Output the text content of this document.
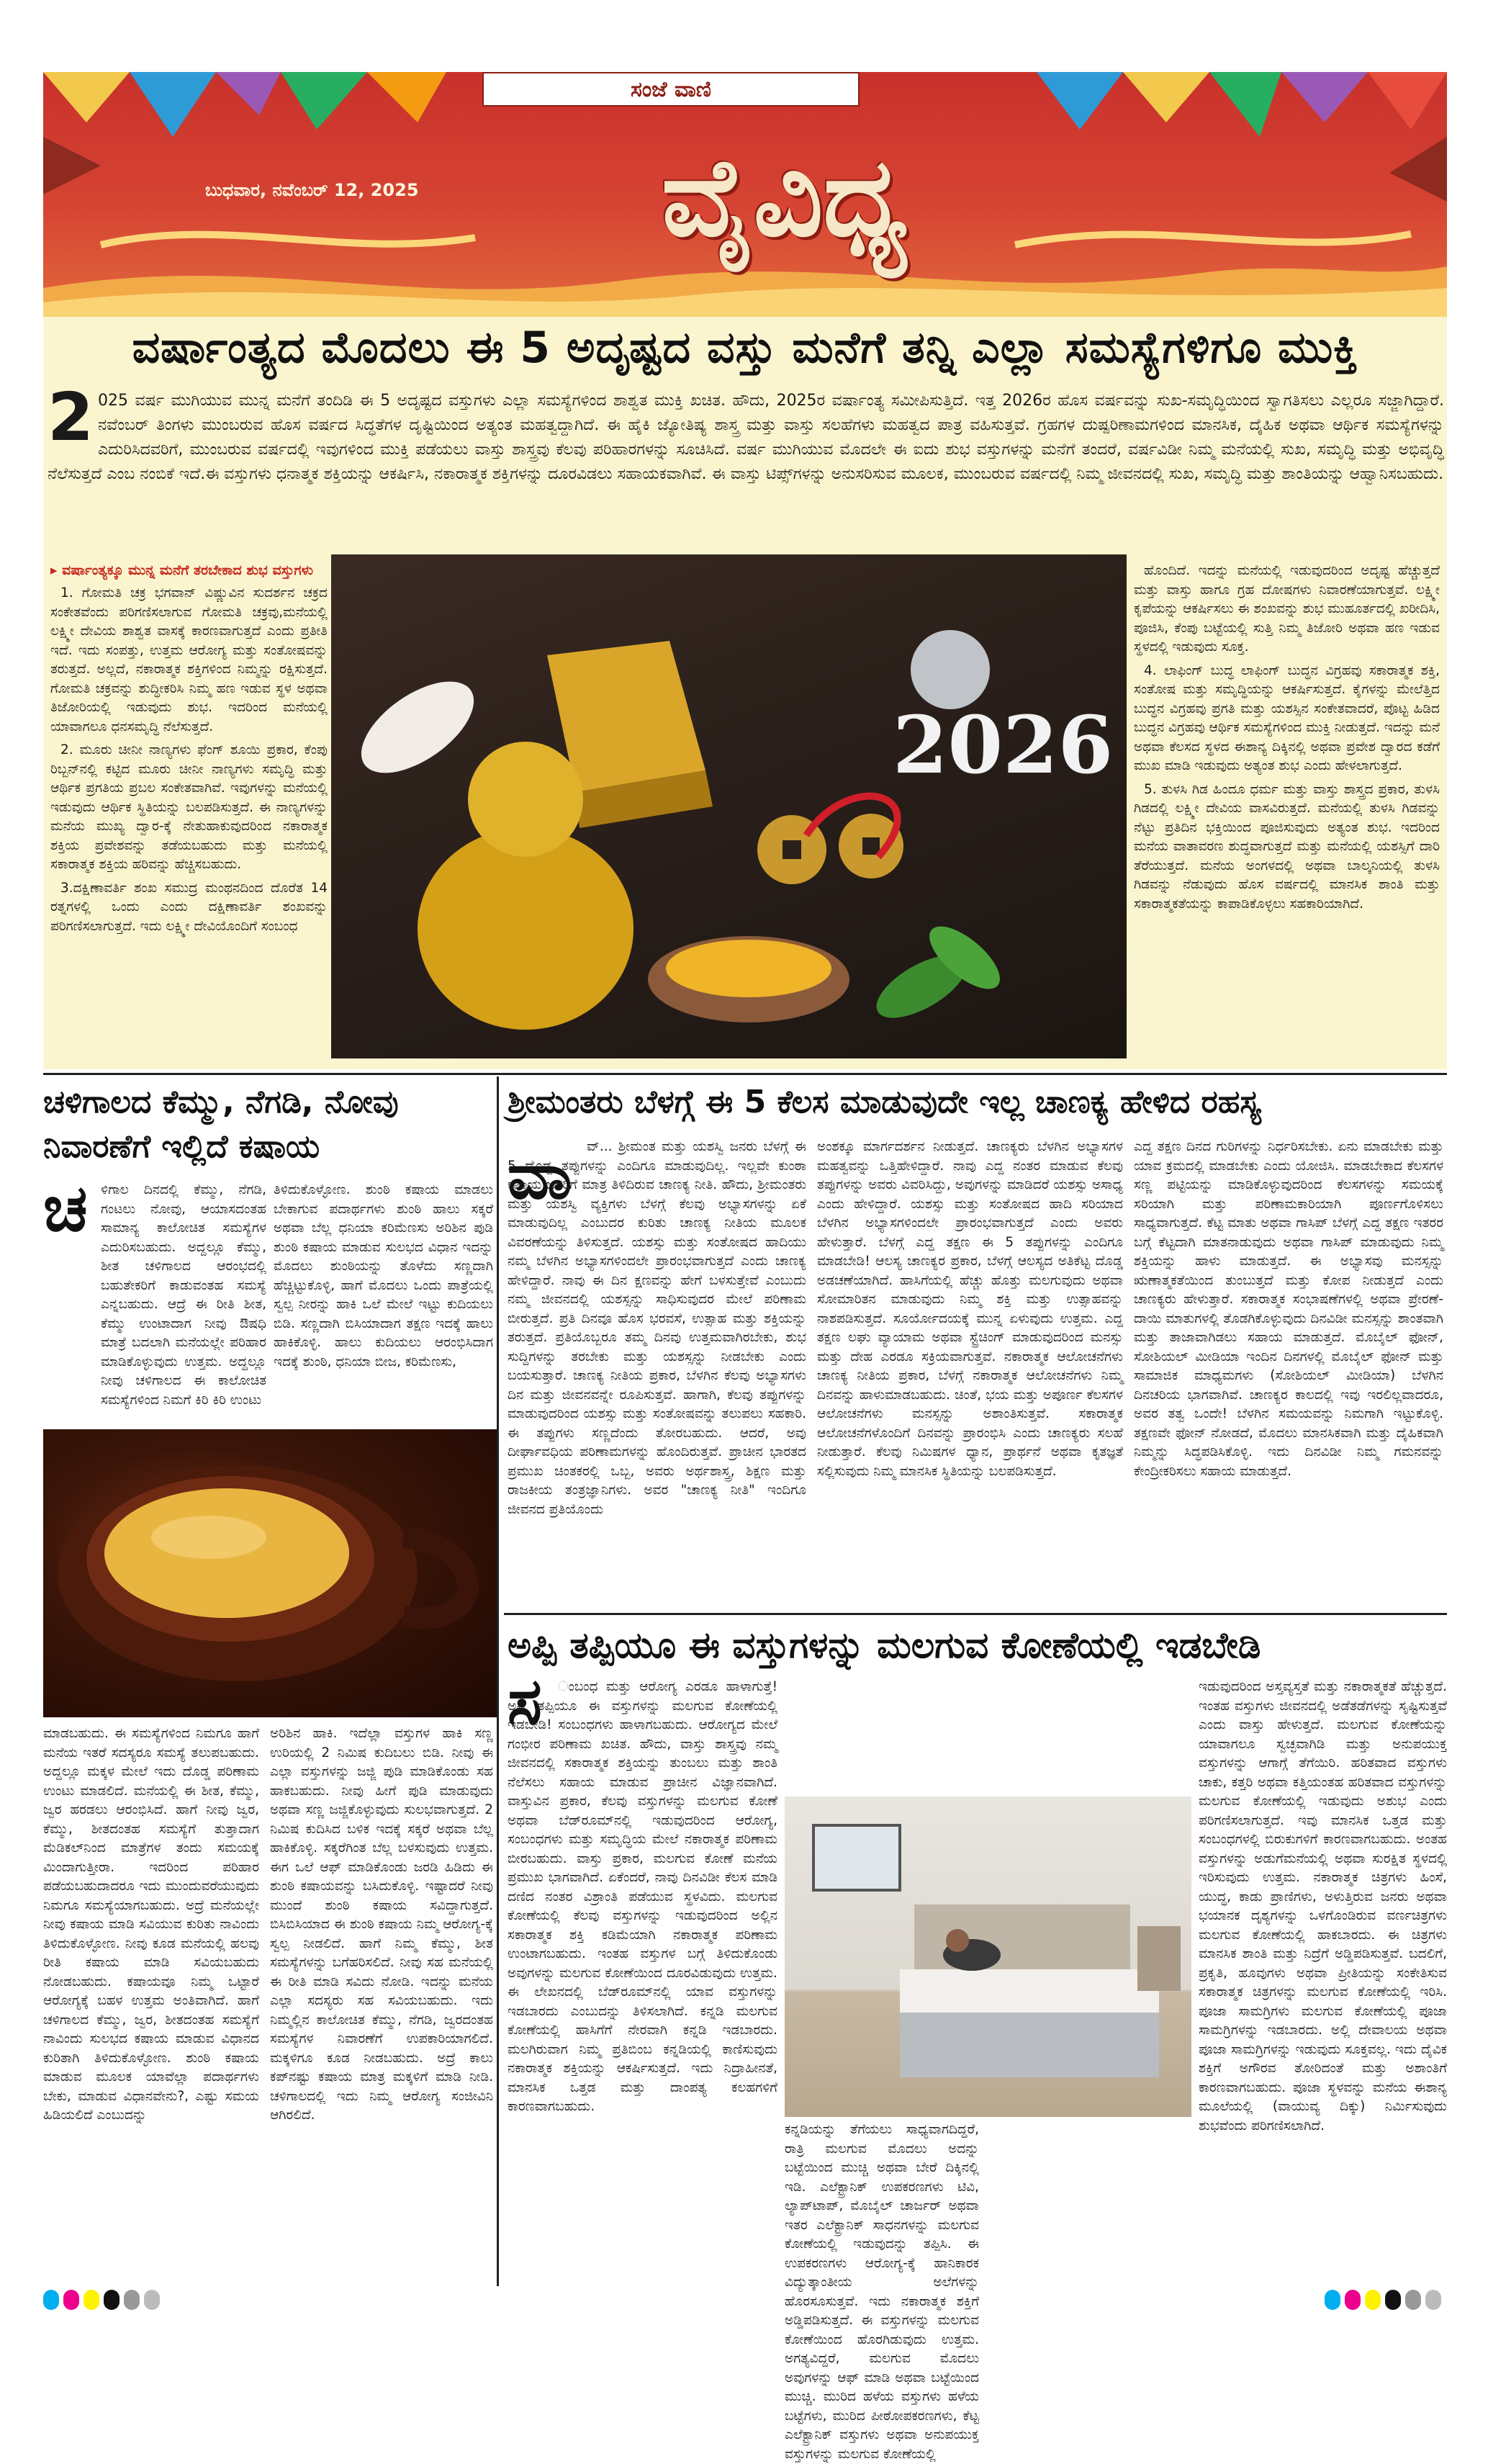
ಸಂಜೆ ವಾಣಿ
ವೈವಿಧ್ಯ
ಬುಧವಾರ, ನವೆಂಬರ್ 12, 2025
ವರ್ಷಾಂತ್ಯದ ಮೊದಲು ಈ 5 ಅದೃಷ್ಟದ ವಸ್ತು ಮನೆಗೆ ತನ್ನಿ ಎಲ್ಲಾ ಸಮಸ್ಯೆಗಳಿಗೂ ಮುಕ್ತಿ
2 025 ವರ್ಷ ಮುಗಿಯುವ ಮುನ್ನ ಮನೆಗೆ ತಂದಿಡಿ ಈ 5 ಅದೃಷ್ಟದ ವಸ್ತುಗಳು ಎಲ್ಲಾ ಸಮಸ್ಯೆಗಳಿಂದ ಶಾಶ್ವತ ಮುಕ್ತಿ ಖಚಿತ. ಹೌದು, 2025ರ ವರ್ಷಾಂತ್ಯ ಸಮೀಪಿಸುತ್ತಿದೆ. ಇತ್ತ 2026ರ ಹೊಸ ವರ್ಷವನ್ನು ಸುಖ-ಸಮೃದ್ಧಿಯಿಂದ ಸ್ವಾಗತಿಸಲು ಎಲ್ಲರೂ ಸಜ್ಜಾಗಿದ್ದಾರೆ. ನವೆಂಬರ್ ತಿಂಗಳು ಮುಂಬರುವ ಹೊಸ ವರ್ಷದ ಸಿದ್ಧತೆಗಳ ದೃಷ್ಟಿಯಿಂದ ಅತ್ಯಂತ ಮಹತ್ವದ್ದಾಗಿದೆ. ಈ ಹೈಕಿ ಜ್ಯೋತಿಷ್ಯ ಶಾಸ್ತ್ರ ಮತ್ತು ವಾಸ್ತು ಸಲಹೆಗಳು ಮಹತ್ವದ ಪಾತ್ರ ವಹಿಸುತ್ತವೆ. ಗ್ರಹಗಳ ದುಷ್ಪರಿಣಾಮಗಳಿಂದ ಮಾನಸಿಕ, ದೈಹಿಕ ಅಥವಾ ಆರ್ಥಿಕ ಸಮಸ್ಯೆಗಳನ್ನು ಎದುರಿಸಿದವರಿಗೆ, ಮುಂಬರುವ ವರ್ಷದಲ್ಲಿ ಇವುಗಳಿಂದ ಮುಕ್ತಿ ಪಡೆಯಲು ವಾಸ್ತು ಶಾಸ್ತ್ರವು ಕೆಲವು ಪರಿಹಾರಗಳನ್ನು ಸೂಚಿಸಿದೆ. ವರ್ಷ ಮುಗಿಯುವ ಮೊದಲೇ ಈ ಐದು ಶುಭ ವಸ್ತುಗಳನ್ನು ಮನೆಗೆ ತಂದರೆ, ವರ್ಷವಿಡೀ ನಿಮ್ಮ ಮನೆಯಲ್ಲಿ ಸುಖ, ಸಮೃದ್ಧಿ ಮತ್ತು ಅಭಿವೃದ್ಧಿ ನೆಲೆಸುತ್ತದೆ ಎಂಬ ನಂಬಿಕೆ ಇದೆ.ಈ ವಸ್ತುಗಳು ಧನಾತ್ಮಕ ಶಕ್ತಿಯನ್ನು ಆಕರ್ಷಿಸಿ, ನಕಾರಾತ್ಮಕ ಶಕ್ತಿಗಳನ್ನು ದೂರವಿಡಲು ಸಹಾಯಕವಾಗಿವೆ. ಈ ವಾಸ್ತು ಟಿಪ್ಸ್‌ಗಳನ್ನು ಅನುಸರಿಸುವ ಮೂಲಕ, ಮುಂಬರುವ ವರ್ಷದಲ್ಲಿ ನಿಮ್ಮ ಜೀವನದಲ್ಲಿ ಸುಖ, ಸಮೃದ್ಧಿ ಮತ್ತು ಶಾಂತಿಯನ್ನು ಆಹ್ವಾನಿಸಬಹುದು.

▸ ವರ್ಷಾಂತ್ಯಕ್ಕೂ ಮುನ್ನ ಮನೆಗೆ ತರಬೇಕಾದ ಶುಭ ವಸ್ತುಗಳು

1. ಗೋಮತಿ ಚಕ್ರ ಭಗವಾನ್ ವಿಷ್ಣುವಿನ ಸುದರ್ಶನ ಚಕ್ರದ ಸಂಕೇತವೆಂದು ಪರಿಗಣಿಸಲಾಗುವ ಗೋಮತಿ ಚಕ್ರವು,ಮನೆಯಲ್ಲಿ ಲಕ್ಷ್ಮೀ ದೇವಿಯ ಶಾಶ್ವತ ವಾಸಕ್ಕೆ ಕಾರಣವಾಗುತ್ತದೆ ಎಂದು ಪ್ರತೀತಿ ಇದೆ. ಇದು ಸಂಪತ್ತು, ಉತ್ತಮ ಆರೋಗ್ಯ ಮತ್ತು ಸಂತೋಷವನ್ನು ತರುತ್ತದೆ. ಅಲ್ಲದೆ, ನಕಾರಾತ್ಮಕ ಶಕ್ತಿಗಳಿಂದ ನಿಮ್ಮನ್ನು ರಕ್ಷಿಸುತ್ತದೆ. ಗೋಮತಿ ಚಕ್ರವನ್ನು ಶುದ್ಧೀಕರಿಸಿ ನಿಮ್ಮ ಹಣ ಇಡುವ ಸ್ಥಳ ಅಥವಾ ತಿಜೋರಿಯಲ್ಲಿ ಇಡುವುದು ಶುಭ. ಇದರಿಂದ ಮನೆಯಲ್ಲಿ ಯಾವಾಗಲೂ ಧನಸಮೃದ್ಧಿ ನೆಲೆಸುತ್ತದೆ.

2. ಮೂರು ಚೀನೀ ನಾಣ್ಯಗಳು ಫೆಂಗ್ ಶೂಯಿ ಪ್ರಕಾರ, ಕೆಂಪು ರಿಬ್ಬನ್‌ನಲ್ಲಿ ಕಟ್ಟಿದ ಮೂರು ಚೀನೀ ನಾಣ್ಯಗಳು ಸಮೃದ್ಧಿ ಮತ್ತು ಆರ್ಥಿಕ ಪ್ರಗತಿಯ ಪ್ರಬಲ ಸಂಕೇತವಾಗಿವೆ. ಇವುಗಳನ್ನು ಮನೆಯಲ್ಲಿ ಇಡುವುದು ಆರ್ಥಿಕ ಸ್ಥಿತಿಯನ್ನು ಬಲಪಡಿಸುತ್ತದೆ. ಈ ನಾಣ್ಯಗಳನ್ನು ಮನೆಯ ಮುಖ್ಯ ದ್ವಾರ-ಕ್ಕೆ ನೇತುಹಾಕುವುದರಿಂದ ನಕಾರಾತ್ಮಕ ಶಕ್ತಿಯ ಪ್ರವೇಶವನ್ನು ತಡೆಯಬಹುದು ಮತ್ತು ಮನೆಯಲ್ಲಿ ಸಕಾರಾತ್ಮಕ ಶಕ್ತಿಯ ಹರಿವನ್ನು ಹೆಚ್ಚಿಸಬಹುದು.

3.ದಕ್ಷಿಣಾವರ್ತಿ ಶಂಖ ಸಮುದ್ರ ಮಂಥನದಿಂದ ದೊರೆತ 14 ರತ್ನಗಳಲ್ಲಿ ಒಂದು ಎಂದು ದಕ್ಷಿಣಾವರ್ತಿ ಶಂಖವನ್ನು ಪರಿಗಣಿಸಲಾಗುತ್ತದೆ. ಇದು ಲಕ್ಷ್ಮೀ ದೇವಿಯೊಂದಿಗೆ ಸಂಬಂಧ

2026

ಹೊಂದಿದೆ. ಇದನ್ನು ಮನೆಯಲ್ಲಿ ಇಡುವುದರಿಂದ ಅದೃಷ್ಟ ಹೆಚ್ಚುತ್ತದೆ ಮತ್ತು ವಾಸ್ತು ಹಾಗೂ ಗ್ರಹ ದೋಷಗಳು ನಿವಾರಣೆಯಾಗುತ್ತವೆ. ಲಕ್ಷ್ಮೀ ಕೃಪೆಯನ್ನು ಆಕರ್ಷಿಸಲು ಈ ಶಂಖವನ್ನು ಶುಭ ಮುಹೂರ್ತದಲ್ಲಿ ಖರೀದಿಸಿ, ಪೂಜಿಸಿ, ಕೆಂಪು ಬಟ್ಟೆಯಲ್ಲಿ ಸುತ್ತಿ ನಿಮ್ಮ ತಿಜೋರಿ ಅಥವಾ ಹಣ ಇಡುವ ಸ್ಥಳದಲ್ಲಿ ಇಡುವುದು ಸೂಕ್ತ.

4. ಲಾಫಿಂಗ್ ಬುದ್ಧ ಲಾಫಿಂಗ್ ಬುದ್ಧನ ವಿಗ್ರಹವು ಸಕಾರಾತ್ಮಕ ಶಕ್ತಿ, ಸಂತೋಷ ಮತ್ತು ಸಮೃದ್ಧಿಯನ್ನು ಆಕರ್ಷಿಸುತ್ತದೆ. ಕೈಗಳನ್ನು ಮೇಲೆತ್ತಿದ ಬುದ್ಧನ ವಿಗ್ರಹವು ಪ್ರಗತಿ ಮತ್ತು ಯಶಸ್ಸಿನ ಸಂಕೇತವಾದರೆ, ಪೊಟ್ಟ ಹಿಡಿದ ಬುದ್ಧನ ವಿಗ್ರಹವು ಆರ್ಥಿಕ ಸಮಸ್ಯೆಗಳಿಂದ ಮುಕ್ತಿ ನೀಡುತ್ತದೆ. ಇದನ್ನು ಮನೆ ಅಥವಾ ಕೆಲಸದ ಸ್ಥಳದ ಈಶಾನ್ಯ ದಿಕ್ಕಿನಲ್ಲಿ ಅಥವಾ ಪ್ರವೇಶ ದ್ವಾರದ ಕಡೆಗೆ ಮುಖ ಮಾಡಿ ಇಡುವುದು ಅತ್ಯಂತ ಶುಭ ಎಂದು ಹೇಳಲಾಗುತ್ತದೆ.

5. ತುಳಸಿ ಗಿಡ ಹಿಂದೂ ಧರ್ಮ ಮತ್ತು ವಾಸ್ತು ಶಾಸ್ತ್ರದ ಪ್ರಕಾರ, ತುಳಸಿ ಗಿಡದಲ್ಲಿ ಲಕ್ಷ್ಮೀ ದೇವಿಯ ವಾಸವಿರುತ್ತದೆ. ಮನೆಯಲ್ಲಿ ತುಳಸಿ ಗಿಡವನ್ನು ನೆಟ್ಟು ಪ್ರತಿದಿನ ಭಕ್ತಿಯಿಂದ ಪೂಜಿಸುವುದು ಅತ್ಯಂತ ಶುಭ. ಇದರಿಂದ ಮನೆಯ ವಾತಾವರಣ ಶುದ್ಧವಾಗುತ್ತದೆ ಮತ್ತು ಮನೆಯಲ್ಲಿ ಯಶಸ್ಸಿಗೆ ದಾರಿ ತೆರೆಯುತ್ತದೆ. ಮನೆಯ ಅಂಗಳದಲ್ಲಿ ಅಥವಾ ಬಾಲ್ಕನಿಯಲ್ಲಿ ತುಳಸಿ ಗಿಡವನ್ನು ನೆಡುವುದು ಹೊಸ ವರ್ಷದಲ್ಲಿ ಮಾನಸಿಕ ಶಾಂತಿ ಮತ್ತು ಸಕಾರಾತ್ಮಕತೆಯನ್ನು ಕಾಪಾಡಿಕೊಳ್ಳಲು ಸಹಕಾರಿಯಾಗಿದೆ.

ಚಳಿಗಾಲದ ಕೆಮ್ಮು, ನೆಗಡಿ, ನೋವು
ನಿವಾರಣೆಗೆ ಇಲ್ಲಿದೆ ಕಷಾಯ
ಚ ಳಿಗಾಲ ದಿನದಲ್ಲಿ ಕೆಮ್ಮು, ನೆಗಡಿ, ಗಂಟಲು ನೋವು, ಆಯಾಸದಂತಹ ಸಾಮಾನ್ಯ ಕಾಲೋಚಿತ ಸಮಸ್ಯೆಗಳ ಎದುರಿಸಬಹುದು. ಅದ್ದಲ್ಲೂ ಕೆಮ್ಮು, ಶೀತ ಚಳಿಗಾಲದ ಆರಂಭದಲ್ಲಿ ಬಹುತೇಕರಿಗೆ ಕಾಡುವಂತಹ ಸಮಸ್ಯೆ ಎನ್ನಬಹುದು. ಆದ್ರೆ ಈ ರೀತಿ ಶೀತ, ಕೆಮ್ಮು ಉಂಟಾದಾಗ ನೀವು ಔಷಧಿ ಮಾತ್ರೆ ಬದಲಾಗಿ ಮನೆಯಲ್ಲೇ ಪರಿಹಾರ ಮಾಡಿಕೊಳ್ಳುವುದು ಉತ್ತಮ. ಅದ್ದಲ್ಲೂ ನೀವು ಚಳಿಗಾಲದ ಈ ಕಾಲೋಚಿತ ಸಮಸ್ಯೆಗಳಿಂದ ನಿಮಗೆ ಕಿರಿ ಕಿರಿ ಉಂಟು
ತಿಳಿದುಕೊಳ್ಳೋಣ. ಶುಂಠಿ ಕಷಾಯ ಮಾಡಲು ಬೇಕಾಗುವ ಪದಾರ್ಥಗಳು ಶುಂಠಿ ಹಾಲು ಸಕ್ಕರೆ ಅಥವಾ ಬೆಲ್ಲ ಧನಿಯಾ ಕರಿಮೆಣಸು ಅರಿಶಿನ ಪುಡಿ ಶುಂಠಿ ಕಷಾಯ ಮಾಡುವ ಸುಲಭದ ವಿಧಾನ ಇದನ್ನು ಮೊದಲು ಶುಂಠಿಯನ್ನು ತೊಳೆದು ಸಣ್ಣದಾಗಿ ಹೆಚ್ಚಿಟ್ಟುಕೊಳ್ಳಿ, ಹಾಗೆ ಮೊದಲು ಒಂದು ಪಾತ್ರೆಯಲ್ಲಿ ಸ್ವಲ್ಪ ನೀರನ್ನು ಹಾಕಿ ಒಲೆ ಮೇಲೆ ಇಟ್ಟು ಕುದಿಯಲು ಬಿಡಿ. ಸಣ್ಣದಾಗಿ ಬಿಸಿಯಾದಾಗ ತಕ್ಷಣ ಇದಕ್ಕೆ ಹಾಲು ಹಾಕಿಕೊಳ್ಳಿ. ಹಾಲು ಕುದಿಯಲು ಆರಂಭಿಸಿದಾಗ ಇದಕ್ಕೆ ಶುಂಠಿ, ಧನಿಯಾ ಬೀಜ, ಕರಿಮೆಣಸು,
ಮಾಡಬಹುದು. ಈ ಸಮಸ್ಯೆಗಳಿಂದ ನಿಮಗೂ ಹಾಗೆ ಮನೆಯ ಇತರೆ ಸದಸ್ಯರೂ ಸಮಸ್ಯೆ ತಲುಪಬಹುದು. ಅದ್ದಲ್ಲೂ ಮಕ್ಕಳ ಮೇಲೆ ಇದು ದೊಡ್ಡ ಪರಿಣಾಮ ಉಂಟು ಮಾಡಲಿದೆ. ಮನೆಯಲ್ಲಿ ಈ ಶೀತ, ಕೆಮ್ಮು, ಜ್ವರ ಹರಡಲು ಆರಂಭಿಸಿದೆ. ಹಾಗೆ ನೀವು ಜ್ವರ, ಕೆಮ್ಮು, ಶೀತದಂತಹ ಸಮಸ್ಯೆಗೆ ತುತ್ತಾದಾಗ ಮೆಡಿಕಲ್‌ನಿಂದ ಮಾತ್ರೆಗಳ ತಂದು ಸಮಯಕ್ಕೆ ಮಿಂದಾಗುತ್ತೀರಾ. ಇದರಿಂದ ಪರಿಹಾರ ಪಡೆಯಬಹುದಾದರೂ ಇದು ಮುಂದುವರೆಯುವುದು ನಿಮಗೂ ಸಮಸ್ಯೆಯಾಗಬಹುದು. ಅದ್ರೆ ಮನೆಯಲ್ಲೇ ನೀವು ಕಷಾಯ ಮಾಡಿ ಸವಿಯುವ ಕುರಿತು ನಾವಿಂದು ತಿಳಿದುಕೊಳ್ಳೋಣ. ನೀವು ಕೂಡ ಮನೆಯಲ್ಲಿ ಹಲವು ರೀತಿ ಕಷಾಯ ಮಾಡಿ ಸವಿಯಬಹುದು ನೋಡಬಹುದು. ಕಷಾಯವೂ ನಿಮ್ಮ ಒಟ್ಟಾರೆ ಆರೋಗ್ಯಕ್ಕೆ ಬಹಳ ಉತ್ತಮ ಅಂತಿವಾಗಿದೆ. ಹಾಗೆ ಚಳಿಗಾಲದ ಕೆಮ್ಮು, ಜ್ವರ, ಶೀತದಂತಹ ಸಮಸ್ಯೆಗೆ ನಾವಿಂದು ಸುಲಭದ ಕಷಾಯ ಮಾಡುವ ವಿಧಾನದ ಕುರಿತಾಗಿ ತಿಳಿದುಕೊಳ್ಳೋಣ. ಶುಂಠಿ ಕಷಾಯ ಮಾಡುವ ಮೂಲಕ ಯಾವೆಲ್ಲಾ ಪದಾರ್ಥಗಳು ಬೇಕು, ಮಾಡುವ ವಿಧಾನವೇನು?, ಎಷ್ಟು ಸಮಯ ಹಿಡಿಯಲಿದೆ ಎಂಬುದನ್ನು
ಅರಿಶಿನ ಹಾಕಿ. ಇದೆಲ್ಲಾ ವಸ್ತುಗಳ ಹಾಕಿ ಸಣ್ಣ ಉರಿಯಲ್ಲಿ 2 ನಿಮಿಷ ಕುದಿಬಲು ಬಿಡಿ. ನೀವು ಈ ಎಲ್ಲಾ ವಸ್ತುಗಳನ್ನು ಜಜ್ಜಿ ಪುಡಿ ಮಾಡಿಕೊಂಡು ಸಹ ಹಾಕಬಹುದು. ನೀವು ಹೀಗೆ ಪುಡಿ ಮಾಡುವುದು ಅಥವಾ ಸಣ್ಣ ಜಜ್ಜಿಕೊಳ್ಳುವುದು ಸುಲಭವಾಗುತ್ತದೆ. 2 ನಿಮಿಷ ಕುದಿಸಿದ ಬಳಿಕ ಇದಕ್ಕೆ ಸಕ್ಕರೆ ಅಥವಾ ಬೆಲ್ಲ ಹಾಕಿಕೊಳ್ಳಿ. ಸಕ್ಕರೆಗಿಂತ ಬೆಲ್ಲ ಬಳಸುವುದು ಉತ್ತಮ. ಈಗ ಒಲೆ ಆಫ್ ಮಾಡಿಕೊಂಡು ಜರಡಿ ಹಿಡಿದು ಈ ಶುಂಠಿ ಕಷಾಯವನ್ನು ಬಸಿದುಕೊಳ್ಳಿ. ಇಷ್ಟಾದರೆ ನೀವು ಮುಂದೆ ಶುಂಠಿ ಕಷಾಯ ಸವಿದ್ದಾಗುತ್ತದೆ. ಬಿಸಿಬಿಸಿಯಾದ ಈ ಶುಂಠಿ ಕಷಾಯ ನಿಮ್ಮ ಆರೋಗ್ಯ-ಕ್ಕೆ ಸ್ವಲ್ಪ ನೀಡಲಿದೆ. ಹಾಗೆ ನಿಮ್ಮ ಕೆಮ್ಮು, ಶೀತ ಸಮಸ್ಯೆಗಳನ್ನು ಬಗೆಹರಿಸಲಿದೆ. ನೀವು ಸಹ ಮನೆಯಲ್ಲಿ ಈ ರೀತಿ ಮಾಡಿ ಸವಿದು ನೋಡಿ. ಇದನ್ನು ಮನೆಯ ಎಲ್ಲಾ ಸದಸ್ಯರು ಸಹ ಸವಿಯಬಹುದು. ಇದು ನಿಮ್ಮಲ್ಲಿನ ಕಾಲೋಚಿತ ಕೆಮ್ಮು, ನೆಗಡಿ, ಜ್ವರದಂತಹ ಸಮಸ್ಯೆಗಳ ನಿವಾರಣೆಗೆ ಉಪಕಾರಿಯಾಗಲಿದೆ. ಮಕ್ಕಳಿಗೂ ಕೂಡ ನೀಡಬಹುದು. ಅದ್ರೆ ಕಾಲು ಕಪ್‌ನಷ್ಟು ಕಷಾಯ ಮಾತ್ರ ಮಕ್ಕಳಿಗೆ ಮಾಡಿ ನೀಡಿ. ಚಳಿಗಾಲದಲ್ಲಿ ಇದು ನಿಮ್ಮ ಆರೋಗ್ಯ ಸಂಜೀವಿನಿ ಆಗಿರಲಿದೆ.
ಶ್ರೀಮಂತರು ಬೆಳಗ್ಗೆ ಈ 5 ಕೆಲಸ ಮಾಡುವುದೇ ಇಲ್ಲ ಚಾಣಕ್ಯ ಹೇಳಿದ ರಹಸ್ಯ
ವಾ	ವ್... ಶ್ರೀಮಂತ ಮತ್ತು ಯಶಸ್ವಿ ಜನರು ಬೆಳಗ್ಗೆ ಈ 5 ದೊಡ್ಡ ತಪ್ಪುಗಳನ್ನು ಎಂದಿಗೂ ಮಾಡುವುದಿಲ್ಲ. ಇಲ್ಲವೇ ಕುಂಠಾ ಕಷಾಯ ಜನರಿಗೆ ಮಾತ್ರ ತಿಳಿದಿರುವ ಚಾಣಕ್ಯ ನೀತಿ. ಹೌದು, ಶ್ರೀಮಂತರು ಮತ್ತು ಯಶಸ್ವಿ ವ್ಯಕ್ತಿಗಳು ಬೆಳಗ್ಗೆ ಕೆಲವು ಅಭ್ಯಾಸಗಳನ್ನು ಏಕೆ ಮಾಡುವುದಿಲ್ಲ ಎಂಬುದರ ಕುರಿತು ಚಾಣಕ್ಯ ನೀತಿಯ ಮೂಲಕ ವಿವರಣೆಯನ್ನು ತಿಳಿಸುತ್ತದೆ. ಯಶಸ್ಸು ಮತ್ತು ಸಂತೋಷದ ಹಾದಿಯು ನಮ್ಮ ಬೆಳಗಿನ ಅಭ್ಯಾಸಗಳಿಂದಲೇ ಪ್ರಾರಂಭವಾಗುತ್ತದೆ ಎಂದು ಚಾಣಕ್ಯ ಹೇಳಿದ್ದಾರೆ. ನಾವು ಈ ದಿನ ಕ್ಷಣವನ್ನು ಹೇಗೆ ಬಳಸುತ್ತೇವೆ ಎಂಬುದು ನಮ್ಮ ಜೀವನದಲ್ಲಿ ಯಶಸ್ಸನ್ನು ಸಾಧಿಸುವುದರ ಮೇಲೆ ಪರಿಣಾಮ ಬೀರುತ್ತದೆ. ಪ್ರತಿ ದಿನವೂ ಹೊಸ ಭರವಸೆ, ಉತ್ಸಾಹ ಮತ್ತು ಶಕ್ತಿಯನ್ನು ತರುತ್ತದೆ. ಪ್ರತಿಯೊಬ್ಬರೂ ತಮ್ಮ ದಿನವು ಉತ್ತಮವಾಗಿರಬೇಕು, ಶುಭ ಸುದ್ದಿಗಳನ್ನು ತರಬೇಕು ಮತ್ತು ಯಶಸ್ಸನ್ನು ನೀಡಬೇಕು ಎಂದು ಬಯಸುತ್ತಾರೆ. ಚಾಣಕ್ಯ ನೀತಿಯ ಪ್ರಕಾರ, ಬೆಳಗಿನ ಕೆಲವು ಅಭ್ಯಾಸಗಳು ದಿನ ಮತ್ತು ಜೀವನವನ್ನೇ ರೂಪಿಸುತ್ತವೆ. ಹಾಗಾಗಿ, ಕೆಲವು ತಪ್ಪುಗಳನ್ನು ಮಾಡುವುದರಿಂದ ಯಶಸ್ಸು ಮತ್ತು ಸಂತೋಷವನ್ನು ತಲುಪಲು ಸಹಕಾರಿ. ಈ ತಪ್ಪುಗಳು ಸಣ್ಣದೆಂದು ತೋರಬಹುದು. ಆದರೆ, ಅವು ದೀರ್ಘಾವಧಿಯ ಪರಿಣಾಮಗಳನ್ನು ಹೊಂದಿರುತ್ತವೆ. ಪ್ರಾಚೀನ ಭಾರತದ ಪ್ರಮುಖ ಚಿಂತಕರಲ್ಲಿ ಒಬ್ಬ, ಅವರು ಅರ್ಥಶಾಸ್ತ್ರ, ಶಿಕ್ಷಣ ಮತ್ತು ರಾಜಕೀಯ ತಂತ್ರಜ್ಞಾನಿಗಳು. ಅವರ "ಚಾಣಕ್ಯ ನೀತಿ" ಇಂದಿಗೂ ಜೀವನದ ಪ್ರತಿಯೊಂದು
ಅಂಶಕ್ಕೂ ಮಾರ್ಗದರ್ಶನ ನೀಡುತ್ತದೆ. ಚಾಣಕ್ಯರು ಬೆಳಗಿನ ಅಭ್ಯಾಸಗಳ ಮಹತ್ವವನ್ನು ಒತ್ತಿಹೇಳಿದ್ದಾರೆ. ನಾವು ಎದ್ದ ನಂತರ ಮಾಡುವ ಕೆಲವು ತಪ್ಪುಗಳನ್ನು ಅವರು ವಿವರಿಸಿದ್ದು, ಅವುಗಳನ್ನು ಮಾಡಿದರೆ ಯಶಸ್ಸು ಅಸಾಧ್ಯ ಎಂದು ಹೇಳಿದ್ದಾರೆ. ಯಶಸ್ಸು ಮತ್ತು ಸಂತೋಷದ ಹಾದಿ ಸರಿಯಾದ ಬೆಳಗಿನ ಅಭ್ಯಾಸಗಳಿಂದಲೇ ಪ್ರಾರಂಭವಾಗುತ್ತದೆ ಎಂದು ಅವರು ಹೇಳುತ್ತಾರೆ. ಬೆಳಗ್ಗೆ ಎದ್ದ ತಕ್ಷಣ ಈ 5 ತಪ್ಪುಗಳನ್ನು ಎಂದಿಗೂ ಮಾಡಬೇಡಿ! ಆಲಸ್ಯ ಚಾಣಕ್ಯರ ಪ್ರಕಾರ, ಬೆಳಗ್ಗೆ ಆಲಸ್ಯದ ಅತಿಕೆಟ್ಟ ದೊಡ್ಡ ಅಡಚಣೆಯಾಗಿದೆ. ಹಾಸಿಗೆಯಲ್ಲಿ ಹೆಚ್ಚು ಹೊತ್ತು ಮಲಗುವುದು ಅಥವಾ ಸೋಮಾರಿತನ ಮಾಡುವುದು ನಿಮ್ಮ ಶಕ್ತಿ ಮತ್ತು ಉತ್ಸಾಹವನ್ನು ನಾಶಪಡಿಸುತ್ತದೆ. ಸೂರ್ಯೋದಯಕ್ಕೆ ಮುನ್ನ ಏಳುವುದು ಉತ್ತಮ. ಎದ್ದ ತಕ್ಷಣ ಲಘು ವ್ಯಾಯಾಮ ಅಥವಾ ಸ್ಟ್ರೆಚಿಂಗ್ ಮಾಡುವುದರಿಂದ ಮನಸ್ಸು ಮತ್ತು ದೇಹ ಎರಡೂ ಸಕ್ರಿಯವಾಗುತ್ತವೆ. ನಕಾರಾತ್ಮಕ ಆಲೋಚನೆಗಳು ಚಾಣಕ್ಯ ನೀತಿಯ ಪ್ರಕಾರ, ಬೆಳಗ್ಗೆ ನಕಾರಾತ್ಮಕ ಆಲೋಚನೆಗಳು ನಿಮ್ಮ ದಿನವನ್ನು ಹಾಳುಮಾಡಬಹುದು. ಚಿಂತೆ, ಭಯ ಮತ್ತು ಅಪೂರ್ಣ ಕೆಲಸಗಳ ಆಲೋಚನೆಗಳು ಮನಸ್ಸನ್ನು ಅಶಾಂತಿಸುತ್ತವೆ. ಸಕಾರಾತ್ಮಕ ಆಲೋಚನೆಗಳೊಂದಿಗೆ ದಿನವನ್ನು ಪ್ರಾರಂಭಿಸಿ ಎಂದು ಚಾಣಕ್ಯರು ಸಲಹೆ ನೀಡುತ್ತಾರೆ. ಕೆಲವು ನಿಮಿಷಗಳ ಧ್ಯಾನ, ಪ್ರಾರ್ಥನೆ ಅಥವಾ ಕೃತಜ್ಞತೆ ಸಲ್ಲಿಸುವುದು ನಿಮ್ಮ ಮಾನಸಿಕ ಸ್ಥಿತಿಯನ್ನು ಬಲಪಡಿಸುತ್ತದೆ.
ಎದ್ದ ತಕ್ಷಣ ದಿನದ ಗುರಿಗಳನ್ನು ನಿರ್ಧರಿಸಬೇಕು. ಏನು ಮಾಡಬೇಕು ಮತ್ತು ಯಾವ ಕ್ರಮದಲ್ಲಿ ಮಾಡಬೇಕು ಎಂದು ಯೋಜಿಸಿ. ಮಾಡಬೇಕಾದ ಕೆಲಸಗಳ ಸಣ್ಣ ಪಟ್ಟಿಯನ್ನು ಮಾಡಿಕೊಳ್ಳುವುದರಿಂದ ಕೆಲಸಗಳನ್ನು ಸಮಯಕ್ಕೆ ಸರಿಯಾಗಿ ಮತ್ತು ಪರಿಣಾಮಕಾರಿಯಾಗಿ ಪೂರ್ಣಗೊಳಿಸಲು ಸಾಧ್ಯವಾಗುತ್ತದೆ. ಕೆಟ್ಟ ಮಾತು ಅಥವಾ ಗಾಸಿಪ್ ಬೆಳಗ್ಗೆ ಎದ್ದ ತಕ್ಷಣ ಇತರರ ಬಗ್ಗೆ ಕೆಟ್ಟದಾಗಿ ಮಾತನಾಡುವುದು ಅಥವಾ ಗಾಸಿಪ್ ಮಾಡುವುದು ನಿಮ್ಮ ಶಕ್ತಿಯನ್ನು ಹಾಳು ಮಾಡುತ್ತದೆ. ಈ ಅಭ್ಯಾಸವು ಮನಸ್ಸನ್ನು ಋಣಾತ್ಮಕತೆಯಿಂದ ತುಂಬುತ್ತದೆ ಮತ್ತು ಕೋಪ ನೀಡುತ್ತದೆ ಎಂದು ಚಾಣಕ್ಯರು ಹೇಳುತ್ತಾರೆ. ಸಕಾರಾತ್ಮಕ ಸಂಭಾಷಣೆಗಳಲ್ಲಿ ಅಥವಾ ಪ್ರೇರಣೆ-ದಾಯಿ ಮಾತುಗಳಲ್ಲಿ ತೊಡಗಿಕೊಳ್ಳುವುದು ದಿನವಿಡೀ ಮನಸ್ಸನ್ನು ಶಾಂತವಾಗಿ ಮತ್ತು ತಾಜಾವಾಗಿಡಲು ಸಹಾಯ ಮಾಡುತ್ತದೆ. ಮೊಬೈಲ್ ಫೋನ್, ಸೋಶಿಯಲ್ ಮೀಡಿಯಾ ಇಂದಿನ ದಿನಗಳಲ್ಲಿ ಮೊಬೈಲ್ ಫೋನ್ ಮತ್ತು ಸಾಮಾಜಿಕ ಮಾಧ್ಯಮಗಳು (ಸೋಶಿಯಲ್ ಮೀಡಿಯಾ) ಬೆಳಗಿನ ದಿನಚರಿಯ ಭಾಗವಾಗಿವೆ. ಚಾಣಕ್ಯರ ಕಾಲದಲ್ಲಿ ಇವು ಇರಲಿಲ್ಲವಾದರೂ, ಅವರ ತತ್ವ ಒಂದೇ! ಬೆಳಗಿನ ಸಮಯವನ್ನು ನಿಮಗಾಗಿ ಇಟ್ಟುಕೊಳ್ಳಿ. ತಕ್ಷಣವೇ ಫೋನ್ ನೋಡದೆ, ಮೊದಲು ಮಾನಸಿಕವಾಗಿ ಮತ್ತು ದೈಹಿಕವಾಗಿ ನಿಮ್ಮನ್ನು ಸಿದ್ಧಪಡಿಸಿಕೊಳ್ಳಿ. ಇದು ದಿನವಿಡೀ ನಿಮ್ಮ ಗಮನವನ್ನು ಕೇಂದ್ರೀಕರಿಸಲು ಸಹಾಯ ಮಾಡುತ್ತದೆ.
ಅಪ್ಪಿ ತಪ್ಪಿಯೂ ಈ ವಸ್ತುಗಳನ್ನು ಮಲಗುವ ಕೋಣೆಯಲ್ಲಿ ಇಡಬೇಡಿ
ಸ	ಂಬಂಧ ಮತ್ತು ಆರೋಗ್ಯ ಎರಡೂ ಹಾಳಾಗುತ್ತೆ! ಅಪ್ಪಿ ತಪ್ಪಿಯೂ ಈ ವಸ್ತುಗಳನ್ನು ಮಲಗುವ ಕೋಣೆಯಲ್ಲಿ ಇಡಬೇಡಿ! ಸಂಬಂಧಗಳು ಹಾಳಾಗಬಹುದು. ಆರೋಗ್ಯದ ಮೇಲೆ ಗಂಭೀರ ಪರಿಣಾಮ ಖಚಿತ. ಹೌದು, ವಾಸ್ತು ಶಾಸ್ತ್ರವು ನಮ್ಮ ಜೀವನದಲ್ಲಿ ಸಕಾರಾತ್ಮಕ ಶಕ್ತಿಯನ್ನು ತುಂಬಲು ಮತ್ತು ಶಾಂತಿ ನೆಲೆಸಲು ಸಹಾಯ ಮಾಡುವ ಪ್ರಾಚೀನ ವಿಜ್ಞಾನವಾಗಿದೆ. ವಾಸ್ತುವಿನ ಪ್ರಕಾರ, ಕೆಲವು ವಸ್ತುಗಳನ್ನು ಮಲಗುವ ಕೋಣೆ ಅಥವಾ ಬೆಡ್‌ರೂಮ್‌ನಲ್ಲಿ ಇಡುವುದರಿಂದ ಆರೋಗ್ಯ, ಸಂಬಂಧಗಳು ಮತ್ತು ಸಮೃದ್ಧಿಯ ಮೇಲೆ ನಕಾರಾತ್ಮಕ ಪರಿಣಾಮ ಬೀರಬಹುದು. ವಾಸ್ತು ಪ್ರಕಾರ, ಮಲಗುವ ಕೋಣೆ ಮನೆಯ ಪ್ರಮುಖ ಭಾಗವಾಗಿದೆ. ಏಕೆಂದರೆ, ನಾವು ದಿನವಿಡೀ ಕೆಲಸ ಮಾಡಿ ದಣಿದ ನಂತರ ವಿಶ್ರಾಂತಿ ಪಡೆಯುವ ಸ್ಥಳವಿದು. ಮಲಗುವ ಕೋಣೆಯಲ್ಲಿ ಕೆಲವು ವಸ್ತುಗಳನ್ನು ಇಡುವುದರಿಂದ ಅಲ್ಲಿನ ಸಕಾರಾತ್ಮಕ ಶಕ್ತಿ ಕಡಿಮೆಯಾಗಿ ನಕಾರಾತ್ಮಕ ಪರಿಣಾಮ ಉಂಟಾಗಬಹುದು. ಇಂತಹ ವಸ್ತುಗಳ ಬಗ್ಗೆ ತಿಳಿದುಕೊಂಡು ಅವುಗಳನ್ನು ಮಲಗುವ ಕೋಣೆಯಿಂದ ದೂರವಿಡುವುದು ಉತ್ತಮ. ಈ ಲೇಖನದಲ್ಲಿ ಬೆಡ್‌ರೂಮ್‌ನಲ್ಲಿ ಯಾವ ವಸ್ತುಗಳನ್ನು ಇಡಬಾರದು ಎಂಬುದನ್ನು ತಿಳಿಸಲಾಗಿದೆ. ಕನ್ನಡಿ ಮಲಗುವ ಕೋಣೆಯಲ್ಲಿ ಹಾಸಿಗೆಗೆ ನೇರವಾಗಿ ಕನ್ನಡಿ ಇಡಬಾರದು. ಮಲಗಿರುವಾಗ ನಿಮ್ಮ ಪ್ರತಿಬಿಂಬ ಕನ್ನಡಿಯಲ್ಲಿ ಕಾಣಿಸುವುದು ನಕಾರಾತ್ಮಕ ಶಕ್ತಿಯನ್ನು ಆಕರ್ಷಿಸುತ್ತದೆ. ಇದು ನಿದ್ರಾಹೀನತೆ, ಮಾನಸಿಕ ಒತ್ತಡ ಮತ್ತು ದಾಂಪತ್ಯ ಕಲಹಗಳಿಗೆ ಕಾರಣವಾಗಬಹುದು.
ಕನ್ನಡಿಯನ್ನು ತೆಗೆಯಲು ಸಾಧ್ಯವಾಗದಿದ್ದರೆ, ರಾತ್ರಿ ಮಲಗುವ ಮೊದಲು ಅದನ್ನು ಬಟ್ಟೆಯಿಂದ ಮುಚ್ಚಿ ಅಥವಾ ಬೇರೆ ದಿಕ್ಕಿನಲ್ಲಿ ಇಡಿ. ಎಲೆಕ್ಟ್ರಾನಿಕ್ ಉಪಕರಣಗಳು ಟಿವಿ, ಲ್ಯಾಪ್‌ಟಾಪ್, ಮೊಬೈಲ್ ಚಾರ್ಜರ್ ಅಥವಾ ಇತರ ಎಲೆಕ್ಟ್ರಾನಿಕ್ ಸಾಧನಗಳನ್ನು ಮಲಗುವ ಕೋಣೆಯಲ್ಲಿ ಇಡುವುದನ್ನು ತಪ್ಪಿಸಿ. ಈ ಉಪಕರಣಗಳು ಆರೋಗ್ಯ-ಕ್ಕೆ ಹಾನಿಕಾರಕ ವಿದ್ಯುತ್ಕಾಂತೀಯ ಅಲೆಗಳನ್ನು ಹೊರಸೂಸುತ್ತವೆ. ಇದು ನಕಾರಾತ್ಮಕ ಶಕ್ತಿಗೆ ಅಡ್ಡಿಪಡಿಸುತ್ತದೆ. ಈ ವಸ್ತುಗಳನ್ನು ಮಲಗುವ ಕೋಣೆಯಿಂದ ಹೊರಗಿಡುವುದು ಉತ್ತಮ. ಅಗತ್ಯವಿದ್ದರೆ, ಮಲಗುವ ಮೊದಲು ಅವುಗಳನ್ನು ಆಫ್ ಮಾಡಿ ಅಥವಾ ಬಟ್ಟೆಯಿಂದ ಮುಚ್ಚಿ. ಮುರಿದ ಹಳೆಯ ವಸ್ತುಗಳು ಹಳೆಯ ಬಟ್ಟೆಗಳು, ಮುರಿದ ಪೀಠೋಪಕರಣಗಳು, ಕೆಟ್ಟ ಎಲೆಕ್ಟ್ರಾನಿಕ್ ವಸ್ತುಗಳು ಅಥವಾ ಅನುಪಯುಕ್ತ ವಸ್ತುಗಳನ್ನು ಮಲಗುವ ಕೋಣೆಯಲ್ಲಿ
ಇಡುವುದರಿಂದ ಅಸ್ತವ್ಯಸ್ತತೆ ಮತ್ತು ನಕಾರಾತ್ಮಕತೆ ಹೆಚ್ಚುತ್ತದೆ. ಇಂತಹ ವಸ್ತುಗಳು ಜೀವನದಲ್ಲಿ ಅಡೆತಡೆಗಳನ್ನು ಸೃಷ್ಟಿಸುತ್ತವೆ ಎಂದು ವಾಸ್ತು ಹೇಳುತ್ತದೆ. ಮಲಗುವ ಕೋಣೆಯನ್ನು ಯಾವಾಗಲೂ ಸ್ವಚ್ಛವಾಗಿಡಿ ಮತ್ತು ಅನುಪಯುಕ್ತ ವಸ್ತುಗಳನ್ನು ಆಗಾಗ್ಗೆ ತೆಗೆಯಿರಿ. ಹರಿತವಾದ ವಸ್ತುಗಳು ಚಾಕು, ಕತ್ತರಿ ಅಥವಾ ಕತ್ತಿಯಂತಹ ಹರಿತವಾದ ವಸ್ತುಗಳನ್ನು ಮಲಗುವ ಕೋಣೆಯಲ್ಲಿ ಇಡುವುದು ಅಶುಭ ಎಂದು ಪರಿಗಣಿಸಲಾಗುತ್ತದೆ. ಇವು ಮಾನಸಿಕ ಒತ್ತಡ ಮತ್ತು ಸಂಬಂಧಗಳಲ್ಲಿ ಬಿರುಕುಗಳಿಗೆ ಕಾರಣವಾಗಬಹುದು. ಅಂತಹ ವಸ್ತುಗಳನ್ನು ಅಡುಗೆಮನೆಯಲ್ಲಿ ಅಥವಾ ಸುರಕ್ಷಿತ ಸ್ಥಳದಲ್ಲಿ ಇರಿಸುವುದು ಉತ್ತಮ. ನಕಾರಾತ್ಮಕ ಚಿತ್ರಗಳು ಹಿಂಸೆ, ಯುದ್ಧ, ಕಾಡು ಪ್ರಾಣಿಗಳು, ಅಳುತ್ತಿರುವ ಜನರು ಅಥವಾ ಭಯಾನಕ ದೃಶ್ಯಗಳನ್ನು ಒಳಗೊಂಡಿರುವ ವರ್ಣಚಿತ್ರಗಳು ಮಲಗುವ ಕೋಣೆಯಲ್ಲಿ ಹಾಕಬಾರದು. ಈ ಚಿತ್ರಗಳು ಮಾನಸಿಕ ಶಾಂತಿ ಮತ್ತು ನಿದ್ರೆಗೆ ಅಡ್ಡಿಪಡಿಸುತ್ತವೆ. ಬದಲಿಗೆ, ಪ್ರಕೃತಿ, ಹೂವುಗಳು ಅಥವಾ ಪ್ರೀತಿಯನ್ನು ಸಂಕೇತಿಸುವ ಸಕಾರಾತ್ಮಕ ಚಿತ್ರಗಳನ್ನು ಮಲಗುವ ಕೋಣೆಯಲ್ಲಿ ಇರಿಸಿ. ಪೂಜಾ ಸಾಮಗ್ರಿಗಳು ಮಲಗುವ ಕೋಣೆಯಲ್ಲಿ ಪೂಜಾ ಸಾಮಗ್ರಿಗಳನ್ನು ಇಡಬಾರದು. ಅಲ್ಲಿ ದೇವಾಲಯ ಅಥವಾ ಪೂಜಾ ಸಾಮಗ್ರಿಗಳನ್ನು ಇಡುವುದು ಸೂಕ್ತವಲ್ಲ. ಇದು ದೈವಿಕ ಶಕ್ತಿಗೆ ಅಗೌರವ ತೋರಿದಂತೆ ಮತ್ತು ಅಶಾಂತಿಗೆ ಕಾರಣವಾಗಬಹುದು. ಪೂಜಾ ಸ್ಥಳವನ್ನು ಮನೆಯ ಈಶಾನ್ಯ ಮೂಲೆಯಲ್ಲಿ (ವಾಯುವ್ಯ ದಿಕ್ಕು) ನಿರ್ಮಿಸುವುದು ಶುಭವೆಂದು ಪರಿಗಣಿಸಲಾಗಿದೆ.
